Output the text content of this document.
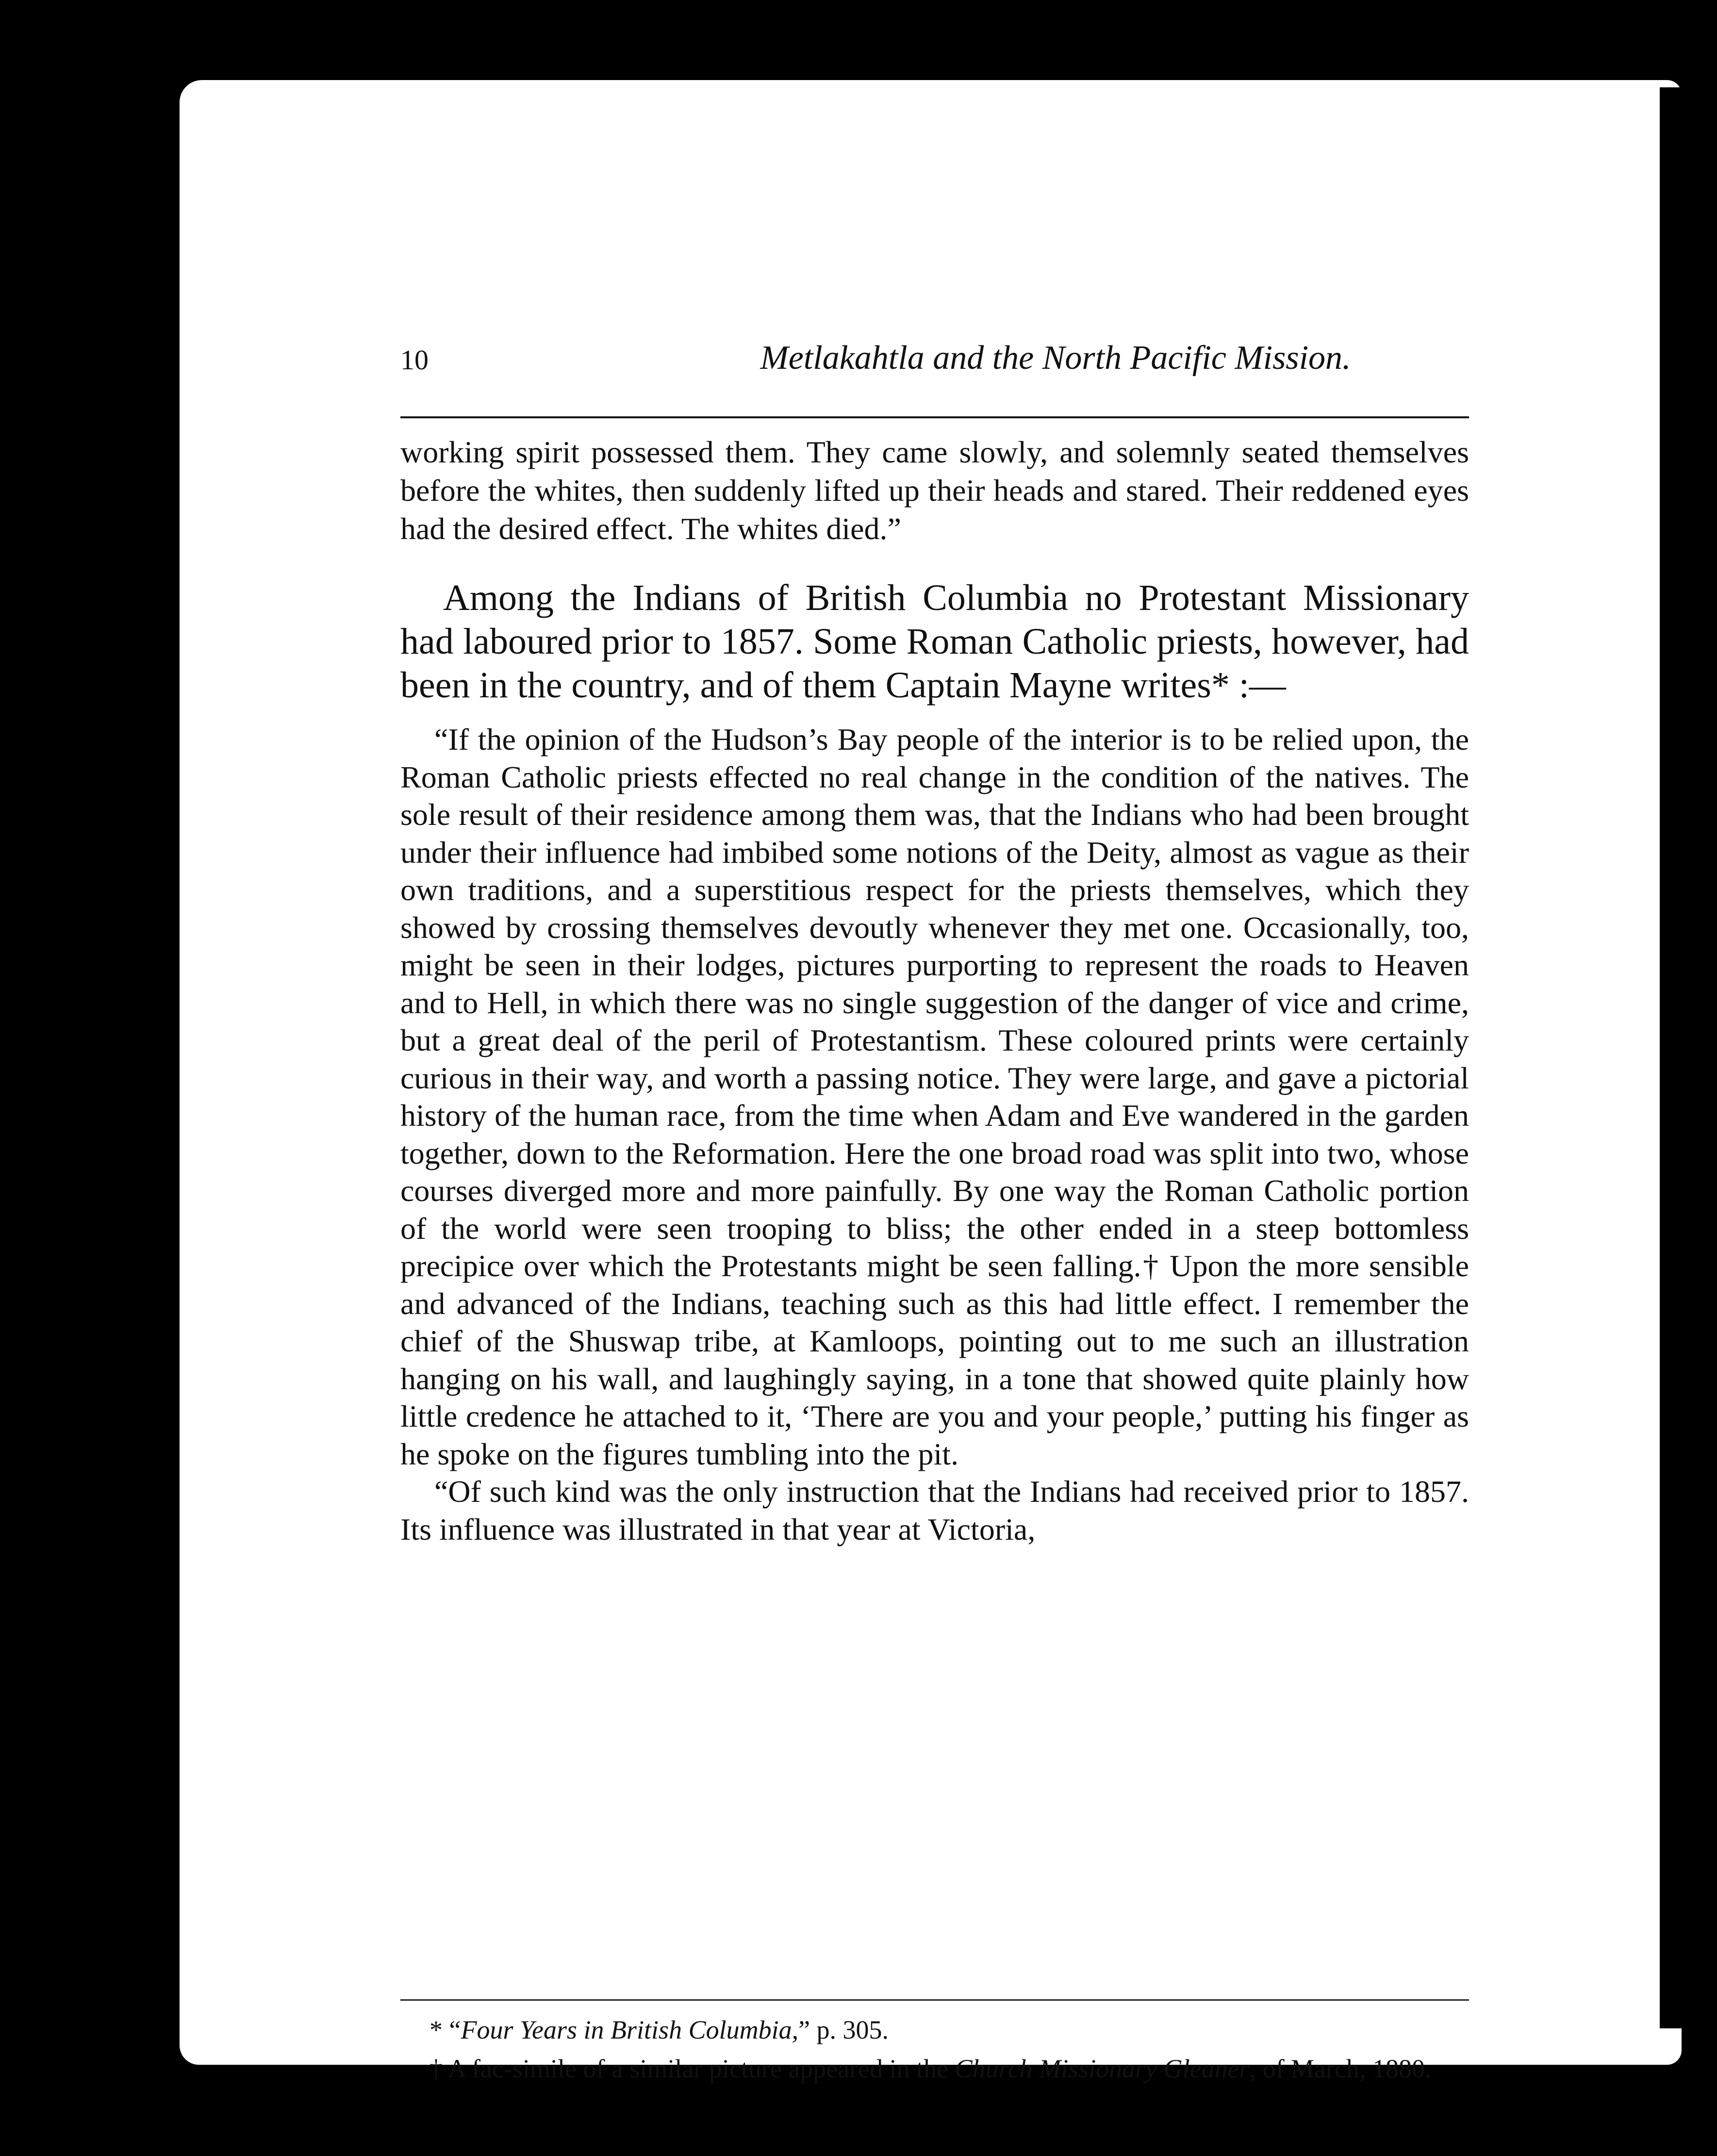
10	Metlakahtla and the North Pacific Mission.

working spirit possessed them. They came slowly, and solemnly seated themselves before the whites, then suddenly lifted up their heads and stared. Their reddened eyes had the desired effect. The whites died.”

Among the Indians of British Columbia no Protestant Missionary had laboured prior to 1857. Some Roman Catholic priests, however, had been in the country, and of them Captain Mayne writes* :—

“If the opinion of the Hudson’s Bay people of the interior is to be relied upon, the Roman Catholic priests effected no real change in the condition of the natives. The sole result of their residence among them was, that the Indians who had been brought under their influence had imbibed some notions of the Deity, almost as vague as their own traditions, and a superstitious respect for the priests themselves, which they showed by crossing themselves devoutly whenever they met one. Occasionally, too, might be seen in their lodges, pictures purporting to represent the roads to Heaven and to Hell, in which there was no single suggestion of the danger of vice and crime, but a great deal of the peril of Protestantism. These coloured prints were certainly curious in their way, and worth a passing notice. They were large, and gave a pictorial history of the human race, from the time when Adam and Eve wandered in the garden together, down to the Reformation. Here the one broad road was split into two, whose courses diverged more and more painfully. By one way the Roman Catholic portion of the world were seen trooping to bliss; the other ended in a steep bottomless precipice over which the Protestants might be seen falling.† Upon the more sensible and advanced of the Indians, teaching such as this had little effect. I remember the chief of the Shuswap tribe, at Kamloops, pointing out to me such an illustration hanging on his wall, and laughingly saying, in a tone that showed quite plainly how little credence he attached to it, ‘There are you and your people,’ putting his finger as he spoke on the figures tumbling into the pit.

“Of such kind was the only instruction that the Indians had received prior to 1857. Its influence was illustrated in that year at Victoria,

* “Four Years in British Columbia,” p. 305.

† A fac-simile of a similar picture appeared in the Church Missionary Gleaner, of March, 1880.
